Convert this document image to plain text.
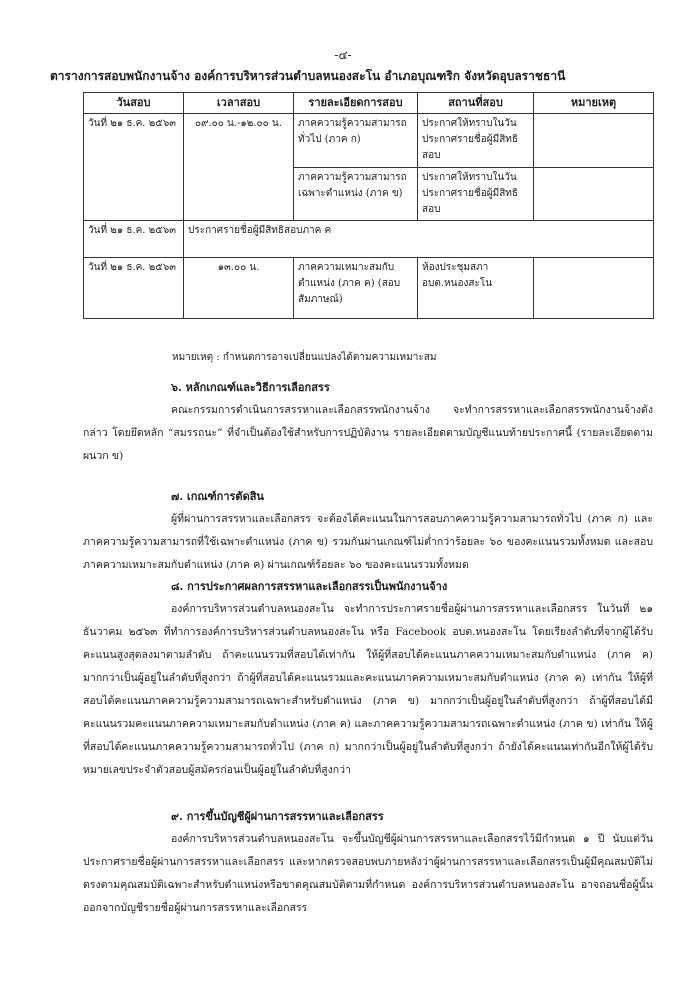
-๔-
ตารางการสอบพนักงานจ้าง องค์การบริหารส่วนตำบลหนองสะโน อำเภอบุณฑริก จังหวัดอุบลราชธานี
วันสอบ	เวลาสอบ	รายละเอียดการสอบ	สถานที่สอบ	หมายเหตุ
วันที่ ๒๑ ธ.ค. ๒๕๖๓	๐๙.๐๐ น.-๑๒.๐๐ น.	ภาคความรู้ความสามารถทั่วไป (ภาค ก)	ประกาศให้ทราบในวันประกาศรายชื่อผู้มีสิทธิสอบ	
		ภาคความรู้ความสามารถเฉพาะตำแหน่ง (ภาค ข)	ประกาศให้ทราบในวันประกาศรายชื่อผู้มีสิทธิสอบ	
วันที่ ๒๑ ธ.ค. ๒๕๖๓	ประกาศรายชื่อผู้มีสิทธิสอบภาค ค			
วันที่ ๒๑ ธ.ค. ๒๕๖๓	๑๓.๐๐ น.	ภาคความเหมาะสมกับตำแหน่ง (ภาค ค) (สอบสัมภาษณ์)	ห้องประชุมสภา อบต.หนองสะโน	
หมายเหตุ : กำหนดการอาจเปลี่ยนแปลงได้ตามความเหมาะสม
๖. หลักเกณฑ์และวิธีการเลือกสรร

คณะกรรมการดำเนินการสรรหาและเลือกสรรพนักงานจ้าง จะทำการสรรหาและเลือกสรรพนักงานจ้างดังกล่าว โดยยึดหลัก “สมรรถนะ” ที่จำเป็นต้องใช้สำหรับการปฏิบัติงาน รายละเอียดตามบัญชีแนบท้ายประกาศนี้ (รายละเอียดตาม ผนวก ข)

๗. เกณฑ์การตัดสิน

ผู้ที่ผ่านการสรรหาและเลือกสรร จะต้องได้คะแนนในการสอบภาคความรู้ความสามารถทั่วไป (ภาค ก) และภาคความรู้ความสามารถที่ใช้เฉพาะตำแหน่ง (ภาค ข) รวมกันผ่านเกณฑ์ไม่ต่ำกว่าร้อยละ ๖๐ ของคะแนนรวมทั้งหมด และสอบภาคความเหมาะสมกับตำแหน่ง (ภาค ค) ผ่านเกณฑ์ร้อยละ ๖๐ ของคะแนนรวมทั้งหมด

๘. การประกาศผลการสรรหาและเลือกสรรเป็นพนักงานจ้าง

องค์การบริหารส่วนตำบลหนองสะโน จะทำการประกาศรายชื่อผู้ผ่านการสรรหาและเลือกสรร ในวันที่ ๒๑ ธันวาคม ๒๕๖๓ ที่ทำการองค์การบริหารส่วนตำบลหนองสะโน หรือ Facebook อบต.หนองสะโน โดยเรียงลำดับที่จากผู้ได้รับคะแนนสูงสุดลงมาตามลำดับ ถ้าคะแนนรวมที่สอบได้เท่ากัน ให้ผู้ที่สอบได้คะแนนภาคความเหมาะสมกับตำแหน่ง (ภาค ค) มากกว่าเป็นผู้อยู่ในลำดับที่สูงกว่า ถ้าผู้ที่สอบได้คะแนนรวมและคะแนนภาคความเหมาะสมกับตำแหน่ง (ภาค ค) เท่ากัน ให้ผู้ที่สอบได้คะแนนภาคความรู้ความสามารถเฉพาะสำหรับตำแหน่ง (ภาค ข) มากกว่าเป็นผู้อยู่ในลำดับที่สูงกว่า ถ้าผู้ที่สอบได้มีคะแนนรวมคะแนนภาคความเหมาะสมกับตำแหน่ง (ภาค ค) และภาคความรู้ความสามารถเฉพาะตำแหน่ง (ภาค ข) เท่ากัน ให้ผู้ที่สอบได้คะแนนภาคความรู้ความสามารถทั่วไป (ภาค ก) มากกว่าเป็นผู้อยู่ในลำดับที่สูงกว่า ถ้ายังได้คะแนนเท่ากันอีกให้ผู้ได้รับหมายเลขประจำตัวสอบผู้สมัครก่อนเป็นผู้อยู่ในลำดับที่สูงกว่า

๙. การขึ้นบัญชีผู้ผ่านการสรรหาและเลือกสรร

องค์การบริหารส่วนตำบลหนองสะโน จะขึ้นบัญชีผู้ผ่านการสรรหาและเลือกสรรไว้มีกำหนด ๑ ปี นับแต่วันประกาศรายชื่อผู้ผ่านการสรรหาและเลือกสรร และหากตรวจสอบพบภายหลังว่าผู้ผ่านการสรรหาและเลือกสรรเป็นผู้มีคุณสมบัติไม่ตรงตามคุณสมบัติเฉพาะสำหรับตำแหน่งหรือขาดคุณสมบัติตามที่กำหนด องค์การบริหารส่วนตำบลหนองสะโน อาจถอนชื่อผู้นั้นออกจากบัญชีรายชื่อผู้ผ่านการสรรหาและเลือกสรร
